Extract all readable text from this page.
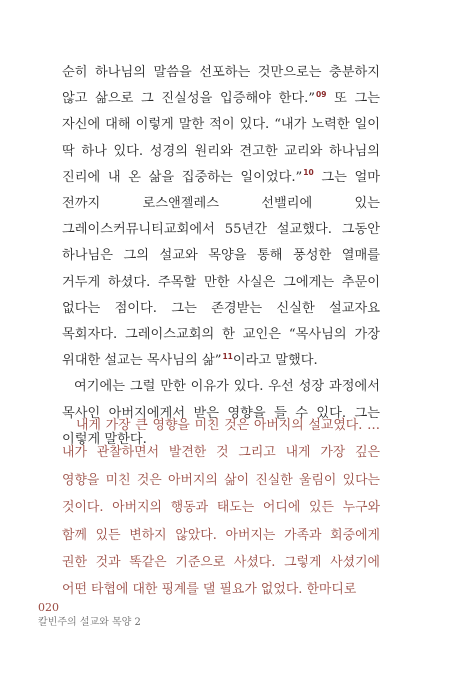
순히 하나님의 말씀을 선포하는 것만으로는 충분하지 않고 삶으로 그 진실성을 입증해야 한다.”$^{09}$ 또 그는 자신에 대해 이렇게 말한 적이 있다. “내가 노력한 일이 딱 하나 있다. 성경의 원리와 견고한 교리와 하나님의 진리에 내 온 삶을 집중하는 일이었다.”$^{10}$ 그는 얼마 전까지 로스앤젤레스 선밸리에 있는 그레이스커뮤니티교회에서 55년간 설교했다. 그동안 하나님은 그의 설교와 목양을 통해 풍성한 열매를 거두게 하셨다. 주목할 만한 사실은 그에게는 추문이 없다는 점이다. 그는 존경받는 신실한 설교자요 목회자다. 그레이스교회의 한 교인은 “목사님의 가장 위대한 설교는 목사님의 삶”$^{11}$이라고 말했다.

여기에는 그럴 만한 이유가 있다. 우선 성장 과정에서 목사인 아버지에게서 받은 영향을 들 수 있다. 그는 이렇게 말한다.

내게 가장 큰 영향을 미친 것은 아버지의 설교였다. … 내가 관찰하면서 발견한 것 그리고 내게 가장 깊은 영향을 미친 것은 아버지의 삶이 진실한 울림이 있다는 것이다. 아버지의 행동과 태도는 어디에 있든 누구와 함께 있든 변하지 않았다. 아버지는 가족과 회중에게 권한 것과 똑같은 기준으로 사셨다. 그렇게 사셨기에 어떤 타협에 대한 핑계를 댈 필요가 없었다. 한마디로
020
칼빈주의 설교와 목양 2
